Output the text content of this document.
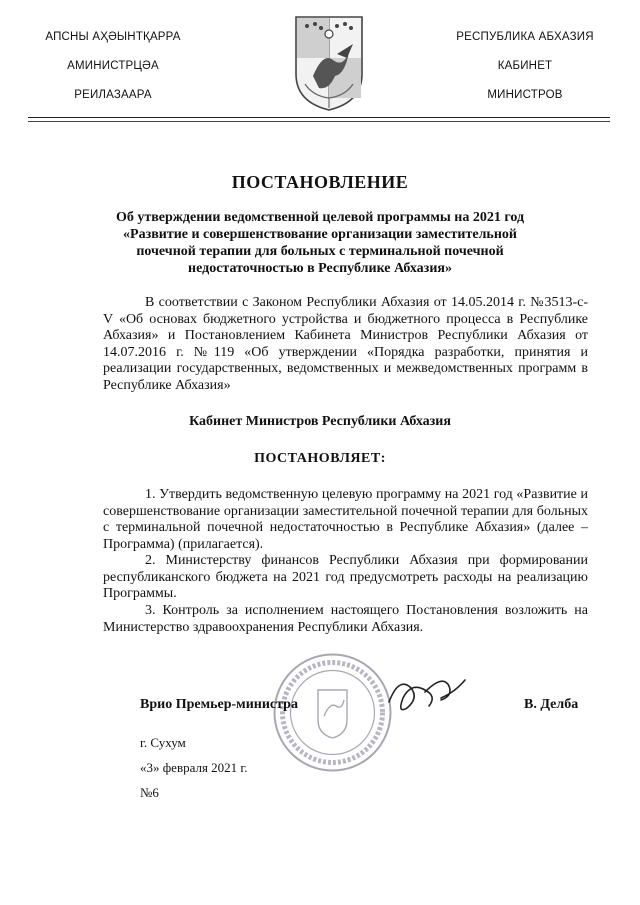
АПСНЫ АҲӘЫНТҚАРРА
АМИНИСТРЦӘА
РЕИЛАЗААРА
РЕСПУБЛИКА АБХАЗИЯ
КАБИНЕТ
МИНИСТРОВ
ПОСТАНОВЛЕНИЕ
Об утверждении ведомственной целевой программы на 2021 год «Развитие и совершенствование организации заместительной почечной терапии для больных с терминальной почечной недостаточностью в Республике Абхазия»

В соответствии с Законом Республики Абхазия от 14.05.2014 г. №3513-с-V «Об основах бюджетного устройства и бюджетного процесса в Республике Абхазия» и Постановлением Кабинета Министров Республики Абхазия от 14.07.2016 г. №119 «Об утверждении «Порядка разработки, принятия и реализации государственных, ведомственных и межведомственных программ в Республике Абхазия»

Кабинет Министров Республики Абхазия
ПОСТАНОВЛЯЕТ:

1. Утвердить ведомственную целевую программу на 2021 год «Развитие и совершенствование организации заместительной почечной терапии для больных с терминальной почечной недостаточностью в Республике Абхазия» (далее – Программа) (прилагается).

2. Министерству финансов Республики Абхазия при формировании республиканского бюджета на 2021 год предусмотреть расходы на реализацию Программы.

3. Контроль за исполнением настоящего Постановления возложить на Министерство здравоохранения Республики Абхазия.

Врио Премьер-министра	В. Делба
г. Сухум
«3» февраля 2021 г.
№6
